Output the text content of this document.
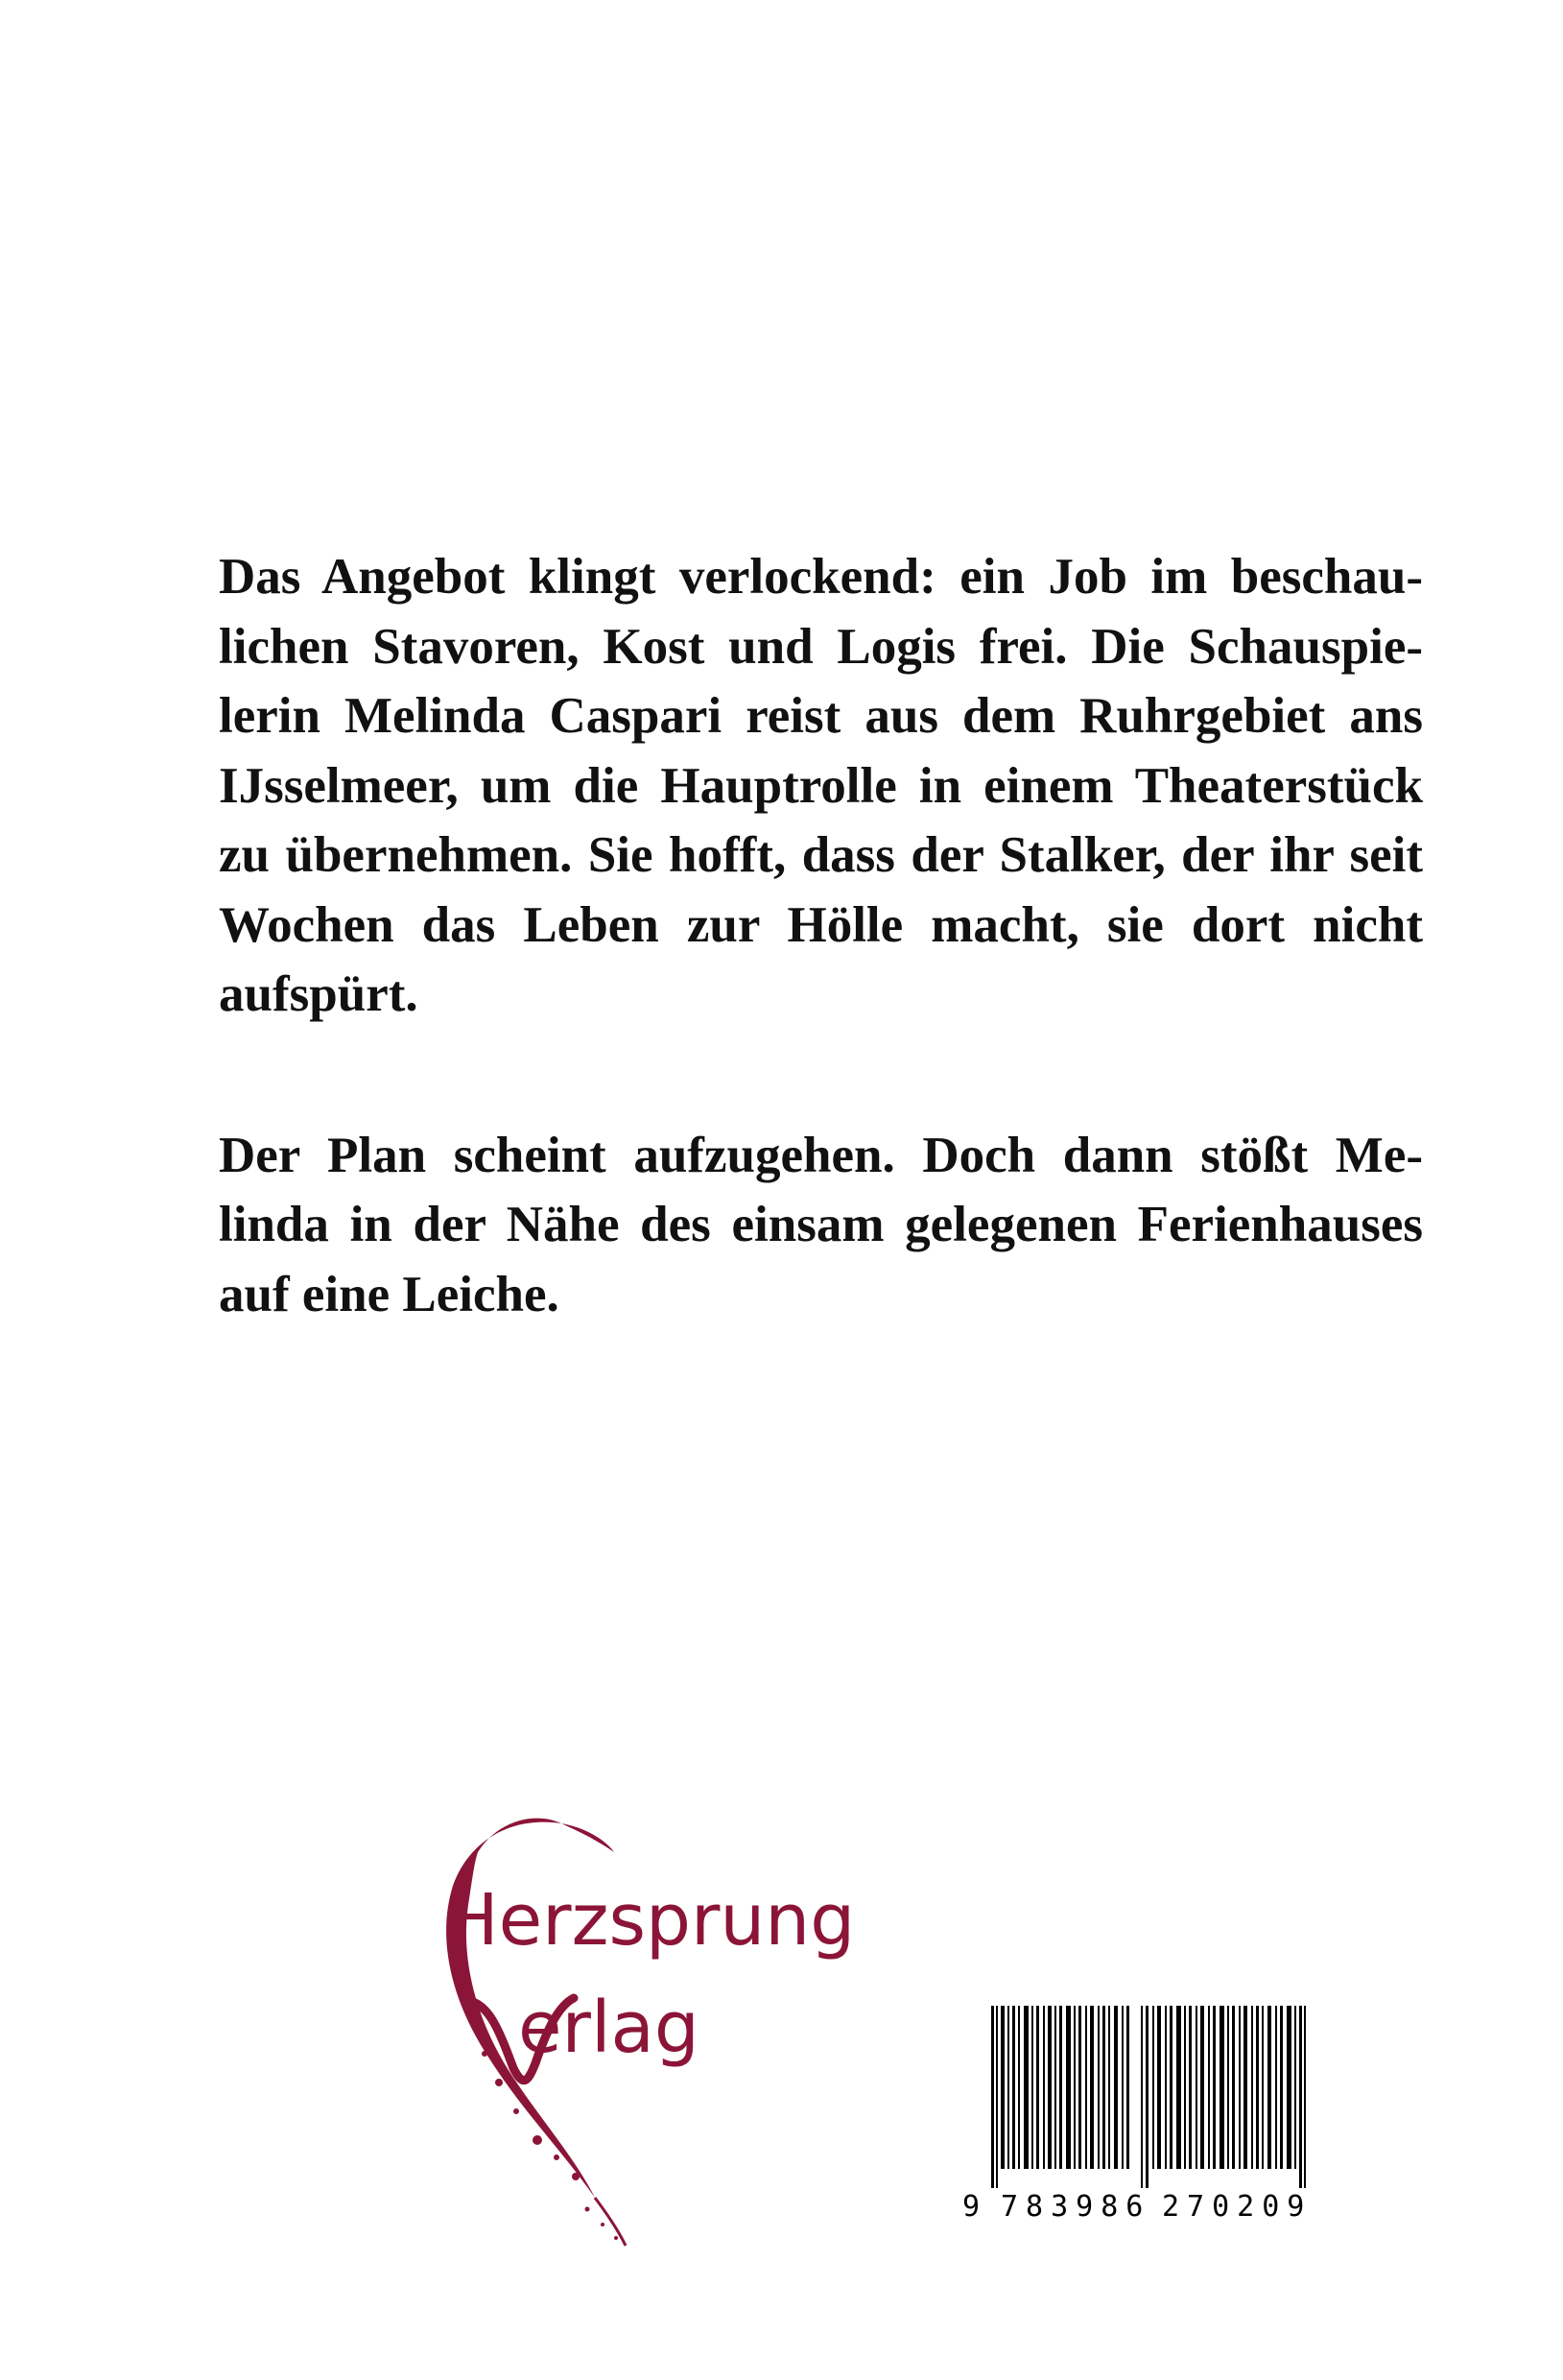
Das Angebot klingt verlockend: ein Job im beschau-
lichen Stavoren, Kost und Logis frei. Die Schauspie-
lerin Melinda Caspari reist aus dem Ruhrgebiet ans
IJsselmeer, um die Hauptrolle in einem Theaterstück
zu übernehmen. Sie hofft, dass der Stalker, der ihr seit
Wochen das Leben zur Hölle macht, sie dort nicht
aufspürt.

Der Plan scheint aufzugehen. Doch dann stößt Me-
linda in der Nähe des einsam gelegenen Ferienhauses
auf eine Leiche.

Herzsprung
erlag
9 783986 270209
